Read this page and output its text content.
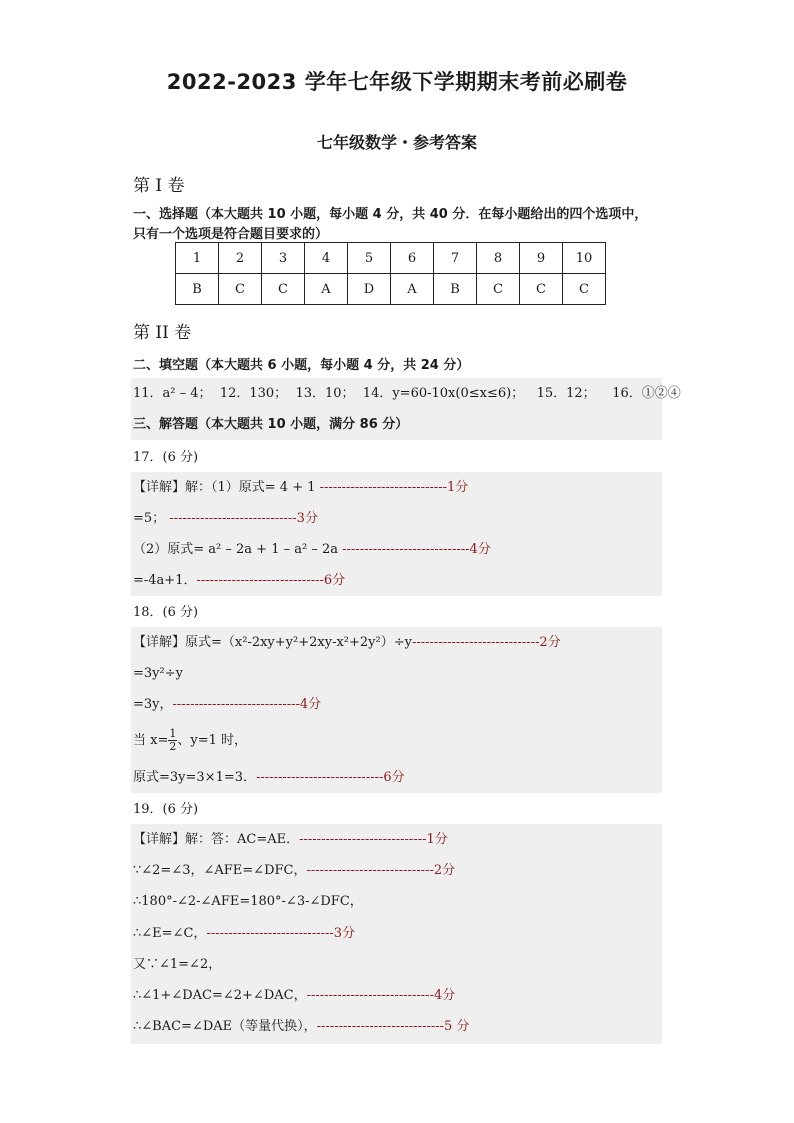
2022-2023 学年七年级下学期期末考前必刷卷
七年级数学・参考答案
第 I 卷
一、选择题（本大题共 10 小题，每小题 4 分，共 40 分．在每小题给出的四个选项中，
只有一个选项是符合题目要求的）
1	2	3	4	5	6	7	8	9	10
B	C	C	A	D	A	B	C	C	C
第 II 卷
二、填空题（本大题共 6 小题，每小题 4 分，共 24 分）
11．a² – 4； 12．130； 13．10； 14．y=60-10x(0≤x≤6)； 15．12； 16．①②④
三、解答题（本大题共 10 小题，满分 86 分）
17．(6 分)
【详解】解：（1）原式= 4 + 1 -----------------------------1分
=5； -----------------------------3分
（2）原式= a² – 2a + 1 – a² – 2a -----------------------------4分
=-4a+1．-----------------------------6分
18．(6 分)
【详解】原式=（x²-2xy+y²+2xy-x²+2y²）÷y-----------------------------2分
=3y²÷y
=3y，-----------------------------4分
当 $x= \frac{1}{2}$ 、y=1 时，
原式=3y=3×1=3．-----------------------------6分
19．(6 分)
【详解】解：答：AC=AE．-----------------------------1分
∵∠2=∠3，∠AFE=∠DFC，-----------------------------2分
∴180°-∠2-∠AFE=180°-∠3-∠DFC，
∴∠E=∠C，-----------------------------3分
又∵∠1=∠2，
∴∠1+∠DAC=∠2+∠DAC，-----------------------------4分
∴∠BAC=∠DAE（等量代换），-----------------------------5 分
